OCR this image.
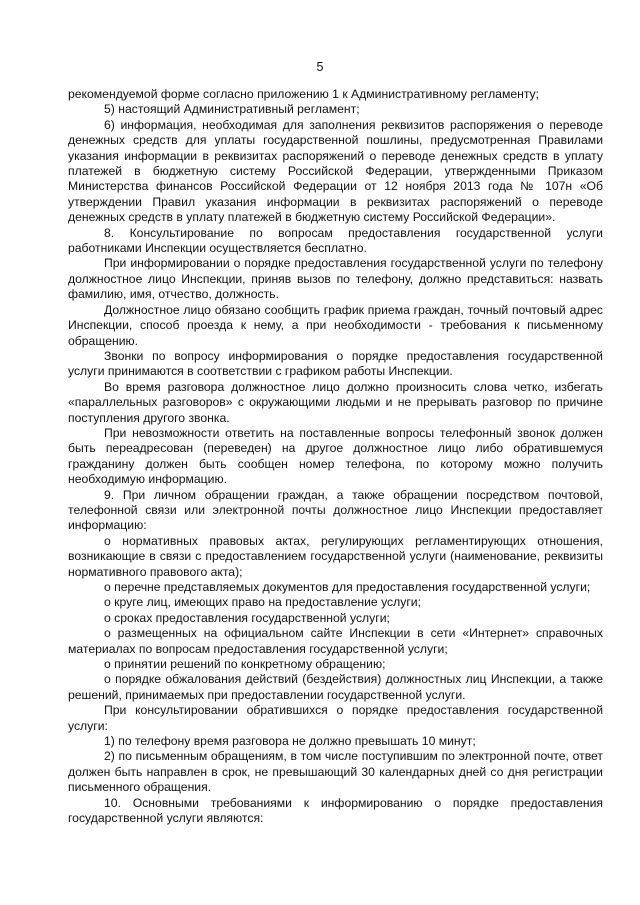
5

рекомендуемой форме согласно приложению 1 к Административному регламенту;

5) настоящий Административный регламент;

6) информация, необходимая для заполнения реквизитов распоряжения о переводе денежных средств для уплаты государственной пошлины, предусмотренная Правилами указания информации в реквизитах распоряжений о переводе денежных средств в уплату платежей в бюджетную систему Российской Федерации, утвержденными Приказом Министерства финансов Российской Федерации от 12 ноября 2013 года № 107н «Об утверждении Правил указания информации в реквизитах распоряжений о переводе денежных средств в уплату платежей в бюджетную систему Российской Федерации».

8. Консультирование по вопросам предоставления государственной услуги работниками Инспекции осуществляется бесплатно.

При информировании о порядке предоставления государственной услуги по телефону должностное лицо Инспекции, приняв вызов по телефону, должно представиться: назвать фамилию, имя, отчество, должность.

Должностное лицо обязано сообщить график приема граждан, точный почтовый адрес Инспекции, способ проезда к нему, а при необходимости - требования к письменному обращению.

Звонки по вопросу информирования о порядке предоставления государственной услуги принимаются в соответствии с графиком работы Инспекции.

Во время разговора должностное лицо должно произносить слова четко, избегать «параллельных разговоров» с окружающими людьми и не прерывать разговор по причине поступления другого звонка.

При невозможности ответить на поставленные вопросы телефонный звонок должен быть переадресован (переведен) на другое должностное лицо либо обратившемуся гражданину должен быть сообщен номер телефона, по которому можно получить необходимую информацию.

9. При личном обращении граждан, а также обращении посредством почтовой, телефонной связи или электронной почты должностное лицо Инспекции предоставляет информацию:

о нормативных правовых актах, регулирующих регламентирующих отношения, возникающие в связи с предоставлением государственной услуги (наименование, реквизиты нормативного правового акта);

о перечне представляемых документов для предоставления государственной услуги;

о круге лиц, имеющих право на предоставление услуги;

о сроках предоставления государственной услуги;

о размещенных на официальном сайте Инспекции в сети «Интернет» справочных материалах по вопросам предоставления государственной услуги;

о принятии решений по конкретному обращению;

о порядке обжалования действий (бездействия) должностных лиц Инспекции, а также решений, принимаемых при предоставлении государственной услуги.

При консультировании обратившихся о порядке предоставления государственной услуги:

1) по телефону время разговора не должно превышать 10 минут;

2) по письменным обращениям, в том числе поступившим по электронной почте, ответ должен быть направлен в срок, не превышающий 30 календарных дней со дня регистрации письменного обращения.

10. Основными требованиями к информированию о порядке предоставления государственной услуги являются:
